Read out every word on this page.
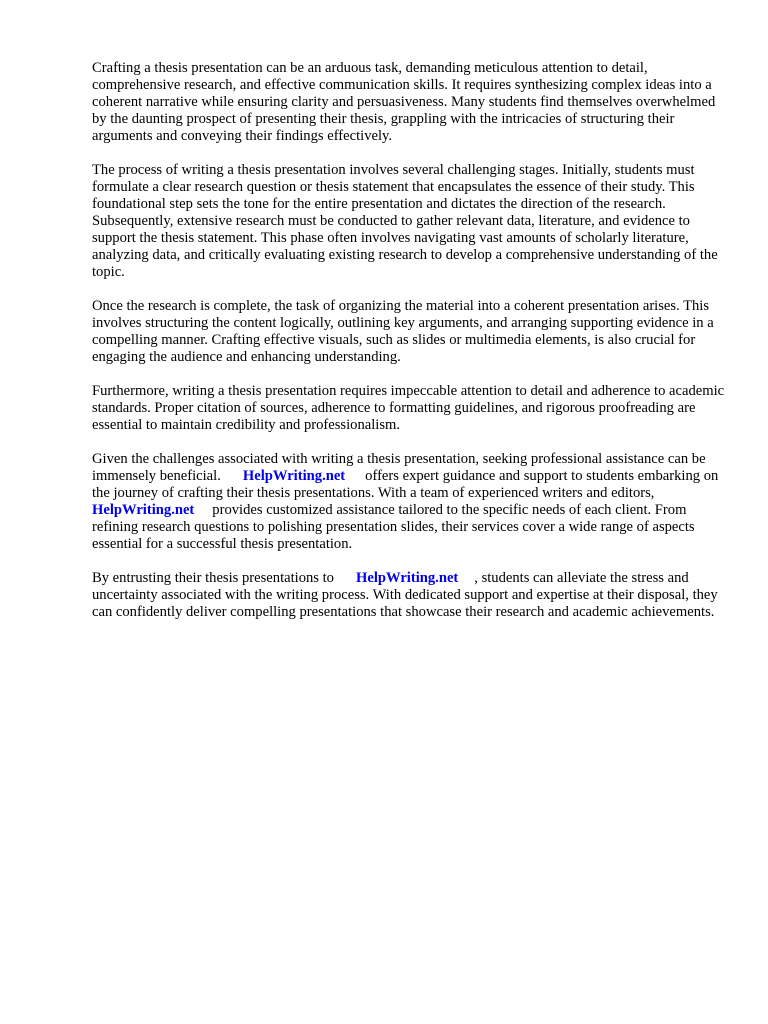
Crafting a thesis presentation can be an arduous task, demanding meticulous attention to detail, comprehensive research, and effective communication skills. It requires synthesizing complex ideas into a coherent narrative while ensuring clarity and persuasiveness. Many students find themselves overwhelmed by the daunting prospect of presenting their thesis, grappling with the intricacies of structuring their arguments and conveying their findings effectively.

The process of writing a thesis presentation involves several challenging stages. Initially, students must formulate a clear research question or thesis statement that encapsulates the essence of their study. This foundational step sets the tone for the entire presentation and dictates the direction of the research. Subsequently, extensive research must be conducted to gather relevant data, literature, and evidence to support the thesis statement. This phase often involves navigating vast amounts of scholarly literature, analyzing data, and critically evaluating existing research to develop a comprehensive understanding of the topic.

Once the research is complete, the task of organizing the material into a coherent presentation arises. This involves structuring the content logically, outlining key arguments, and arranging supporting evidence in a compelling manner. Crafting effective visuals, such as slides or multimedia elements, is also crucial for engaging the audience and enhancing understanding.

Furthermore, writing a thesis presentation requires impeccable attention to detail and adherence to academic standards. Proper citation of sources, adherence to formatting guidelines, and rigorous proofreading are essential to maintain credibility and professionalism.

Given the challenges associated with writing a thesis presentation, seeking professional assistance can be immensely beneficial. HelpWriting.net offers expert guidance and support to students embarking on the journey of crafting their thesis presentations. With a team of experienced writers and editors,HelpWriting.net provides customized assistance tailored to the specific needs of each client. From refining research questions to polishing presentation slides, their services cover a wide range of aspects essential for a successful thesis presentation.

By entrusting their thesis presentations to HelpWriting.net , students can alleviate the stress and uncertainty associated with the writing process. With dedicated support and expertise at their disposal, they can confidently deliver compelling presentations that showcase their research and academic achievements.
